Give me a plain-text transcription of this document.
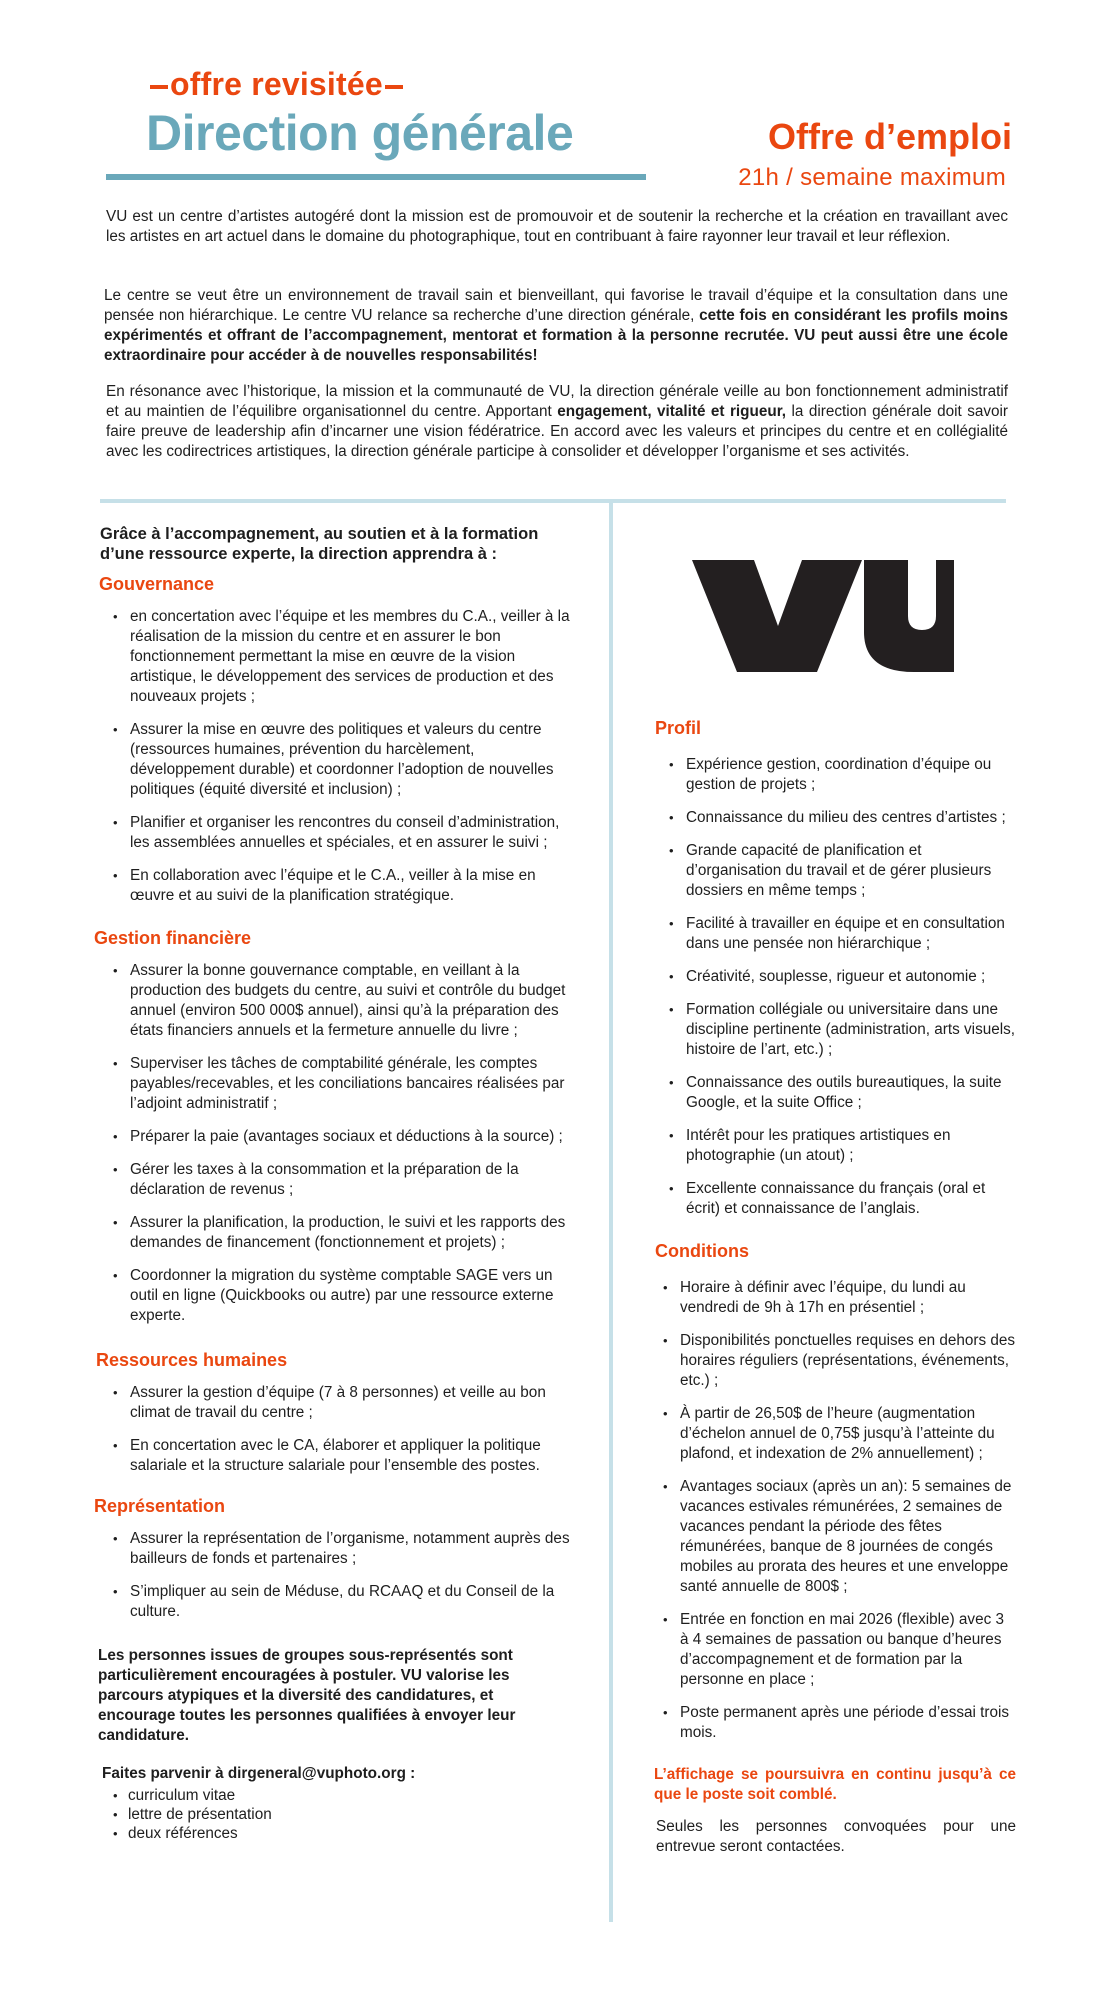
offre revisitée
Direction générale	Offre d’emploi
21h / semaine maximum

VU est un centre d’artistes autogéré dont la mission est de promouvoir et de soutenir la recherche et la création en travaillant avec les artistes en art actuel dans le domaine du photographique, tout en contribuant à faire rayonner leur travail et leur réflexion.

Le centre se veut être un environnement de travail sain et bienveillant, qui favorise le travail d’équipe et la consultation dans une pensée non hiérarchique. Le centre VU relance sa recherche d’une direction générale, cette fois en considérant les profils moins expérimentés et offrant de l’accompagnement, mentorat et formation à la personne recrutée. VU peut aussi être une école extraordinaire pour accéder à de nouvelles responsabilités!

En résonance avec l’historique, la mission et la communauté de VU, la direction générale veille au bon fonctionnement administratif et au maintien de l’équilibre organisationnel du centre. Apportant engagement, vitalité et rigueur, la direction générale doit savoir faire preuve de leadership afin d’incarner une vision fédératrice. En accord avec les valeurs et principes du centre et en collégialité avec les codirectrices artistiques, la direction générale participe à consolider et développer l’organisme et ses activités.

Grâce à l’accompagnement, au soutien et à la formation d’une ressource experte, la direction apprendra à :

Gouvernance
• en concertation avec l’équipe et les membres du C.A., veiller à la réalisation de la mission du centre et en assurer le bon fonctionnement permettant la mise en œuvre de la vision artistique, le développement des services de production et des nouveaux projets ;
• Assurer la mise en œuvre des politiques et valeurs du centre (ressources humaines, prévention du harcèlement, développement durable) et coordonner l’adoption de nouvelles politiques (équité diversité et inclusion) ;
• Planifier et organiser les rencontres du conseil d’administration, les assemblées annuelles et spéciales, et en assurer le suivi ;
• En collaboration avec l’équipe et le C.A., veiller à la mise en œuvre et au suivi de la planification stratégique.
Gestion financière
• Assurer la bonne gouvernance comptable, en veillant à la production des budgets du centre, au suivi et contrôle du budget annuel (environ 500 000$ annuel), ainsi qu’à la préparation des états financiers annuels et la fermeture annuelle du livre ;
• Superviser les tâches de comptabilité générale, les comptes payables/recevables, et les conciliations bancaires réalisées par l’adjoint administratif ;
• Préparer la paie (avantages sociaux et déductions à la source) ;
• Gérer les taxes à la consommation et la préparation de la déclaration de revenus ;
• Assurer la planification, la production, le suivi et les rapports des demandes de financement (fonctionnement et projets) ;
• Coordonner la migration du système comptable SAGE vers un outil en ligne (Quickbooks ou autre) par une ressource externe experte.
Ressources humaines
• Assurer la gestion d’équipe (7 à 8 personnes) et veille au bon climat de travail du centre ;
• En concertation avec le CA, élaborer et appliquer la politique salariale et la structure salariale pour l’ensemble des postes.
Représentation
• Assurer la représentation de l’organisme, notamment auprès des bailleurs de fonds et partenaires ;
• S’impliquer au sein de Méduse, du RCAAQ et du Conseil de la culture.

Les personnes issues de groupes sous-représentés sont particulièrement encouragées à postuler. VU valorise les parcours atypiques et la diversité des candidatures, et encourage toutes les personnes qualifiées à envoyer leur candidature.

Faites parvenir à dirgeneral@vuphoto.org :
• curriculum vitae
• lettre de présentation
• deux références
Profil
• Expérience gestion, coordination d’équipe ou gestion de projets ;
• Connaissance du milieu des centres d’artistes ;
• Grande capacité de planification et d’organisation du travail et de gérer plusieurs dossiers en même temps ;
• Facilité à travailler en équipe et en consultation dans une pensée non hiérarchique ;
• Créativité, souplesse, rigueur et autonomie ;
• Formation collégiale ou universitaire dans une discipline pertinente (administration, arts visuels, histoire de l’art, etc.) ;
• Connaissance des outils bureautiques, la suite Google, et la suite Office ;
• Intérêt pour les pratiques artistiques en photographie (un atout) ;
• Excellente connaissance du français (oral et écrit) et connaissance de l’anglais.
Conditions
• Horaire à définir avec l’équipe, du lundi au vendredi de 9h à 17h en présentiel ;
• Disponibilités ponctuelles requises en dehors des horaires réguliers (représentations, événements, etc.) ;
• À partir de 26,50$ de l’heure (augmentation d’échelon annuel de 0,75$ jusqu’à l’atteinte du plafond, et indexation de 2% annuellement) ;
• Avantages sociaux (après un an): 5 semaines de vacances estivales rémunérées, 2 semaines de vacances pendant la période des fêtes rémunérées, banque de 8 journées de congés mobiles au prorata des heures et une enveloppe santé annuelle de 800$ ;
• Entrée en fonction en mai 2026 (flexible) avec 3 à 4 semaines de passation ou banque d’heures d’accompagnement et de formation par la personne en place ;
• Poste permanent après une période d’essai trois mois.

L’affichage se poursuivra en continu jusqu’à ce que le poste soit comblé.

Seules les personnes convoquées pour une entrevue seront contactées.
